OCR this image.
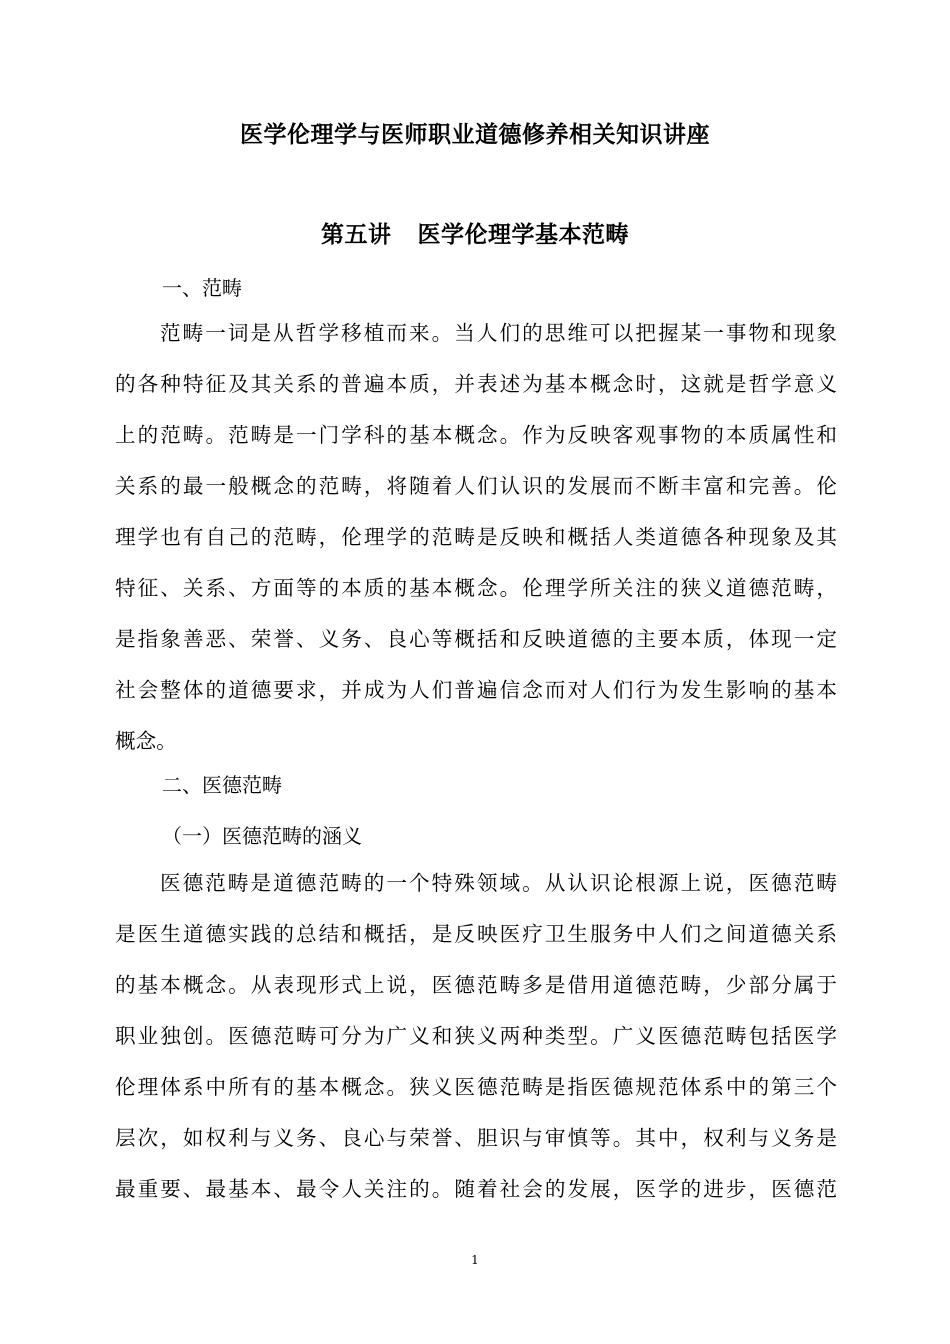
医学伦理学与医师职业道德修养相关知识讲座
第五讲 医学伦理学基本范畴
一、范畴
范畴一词是从哲学移植而来。当人们的思维可以把握某一事物和现象
的各种特征及其关系的普遍本质，并表述为基本概念时，这就是哲学意义
上的范畴。范畴是一门学科的基本概念。作为反映客观事物的本质属性和
关系的最一般概念的范畴，将随着人们认识的发展而不断丰富和完善。伦
理学也有自己的范畴，伦理学的范畴是反映和概括人类道德各种现象及其
特征、关系、方面等的本质的基本概念。伦理学所关注的狭义道德范畴，
是指象善恶、荣誉、义务、良心等概括和反映道德的主要本质，体现一定
社会整体的道德要求，并成为人们普遍信念而对人们行为发生影响的基本
概念。
二、医德范畴
（一）医德范畴的涵义
医德范畴是道德范畴的一个特殊领域。从认识论根源上说，医德范畴
是医生道德实践的总结和概括，是反映医疗卫生服务中人们之间道德关系
的基本概念。从表现形式上说，医德范畴多是借用道德范畴，少部分属于
职业独创。医德范畴可分为广义和狭义两种类型。广义医德范畴包括医学
伦理体系中所有的基本概念。狭义医德范畴是指医德规范体系中的第三个
层次，如权利与义务、良心与荣誉、胆识与审慎等。其中，权利与义务是
最重要、最基本、最令人关注的。随着社会的发展，医学的进步，医德范
1
